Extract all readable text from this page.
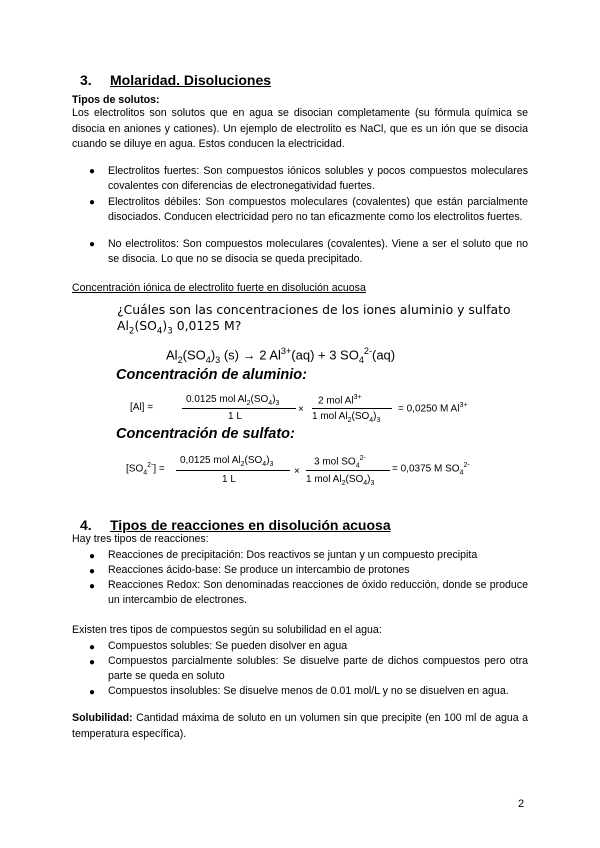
3. Molaridad. Disoluciones
Tipos de solutos:
Los electrolitos son solutos que en agua se disocian completamente (su fórmula química se disocia en aniones y cationes). Un ejemplo de electrolito es NaCl, que es un ión que se disocia cuando se diluye en agua. Estos conducen la electricidad.
● Electrolitos fuertes: Son compuestos iónicos solubles y pocos compuestos moleculares covalentes con diferencias de electronegatividad fuertes.
● Electrolitos débiles: Son compuestos moleculares (covalentes) que están parcialmente disociados. Conducen electricidad pero no tan eficazmente como los electrolitos fuertes.
● No electrolitos: Son compuestos moleculares (covalentes). Viene a ser el soluto que no se disocia. Lo que no se disocia se queda precipitado.
Concentración iónica de electrolito fuerte en disolución acuosa
¿Cuáles son las concentraciones de los iones aluminio y sulfato
$Al_2(SO_4)_3$ 0,0125 M?
$Al_2(SO_4)_3$ (s) → 2 $Al^{3+}(aq) + 3$ $SO_4^{2-}(aq)$
Concentración de aluminio:
[Al] =
0.0125 mol $Al_2(SO_4)_3$
1 L
×
2 mol $Al^{3+}$
1 mol $Al_2(SO_4)_3$
= 0,0250 M $Al^{3+}$
Concentración de sulfato:
$[SO_4^{2-}]$ =
0,0125 mol $Al_2(SO_4)_3$
1 L
×
3 mol $SO_4^{2-}$
1 mol $Al_2(SO_4)_3$
= 0,0375 M $SO_4^{2-}$
4. Tipos de reacciones en disolución acuosa
Hay tres tipos de reacciones:
● Reacciones de precipitación: Dos reactivos se juntan y un compuesto precipita
● Reacciones ácido-base: Se produce un intercambio de protones
● Reacciones Redox: Son denominadas reacciones de óxido reducción, donde se produce un intercambio de electrones.
Existen tres tipos de compuestos según su solubilidad en el agua:
● Compuestos solubles: Se pueden disolver en agua
● Compuestos parcialmente solubles: Se disuelve parte de dichos compuestos pero otra parte se queda en soluto
● Compuestos insolubles: Se disuelve menos de 0.01 mol/L y no se disuelven en agua.
Solubilidad: Cantidad máxima de soluto en un volumen sin que precipite (en 100 ml de agua a temperatura específica).
2
